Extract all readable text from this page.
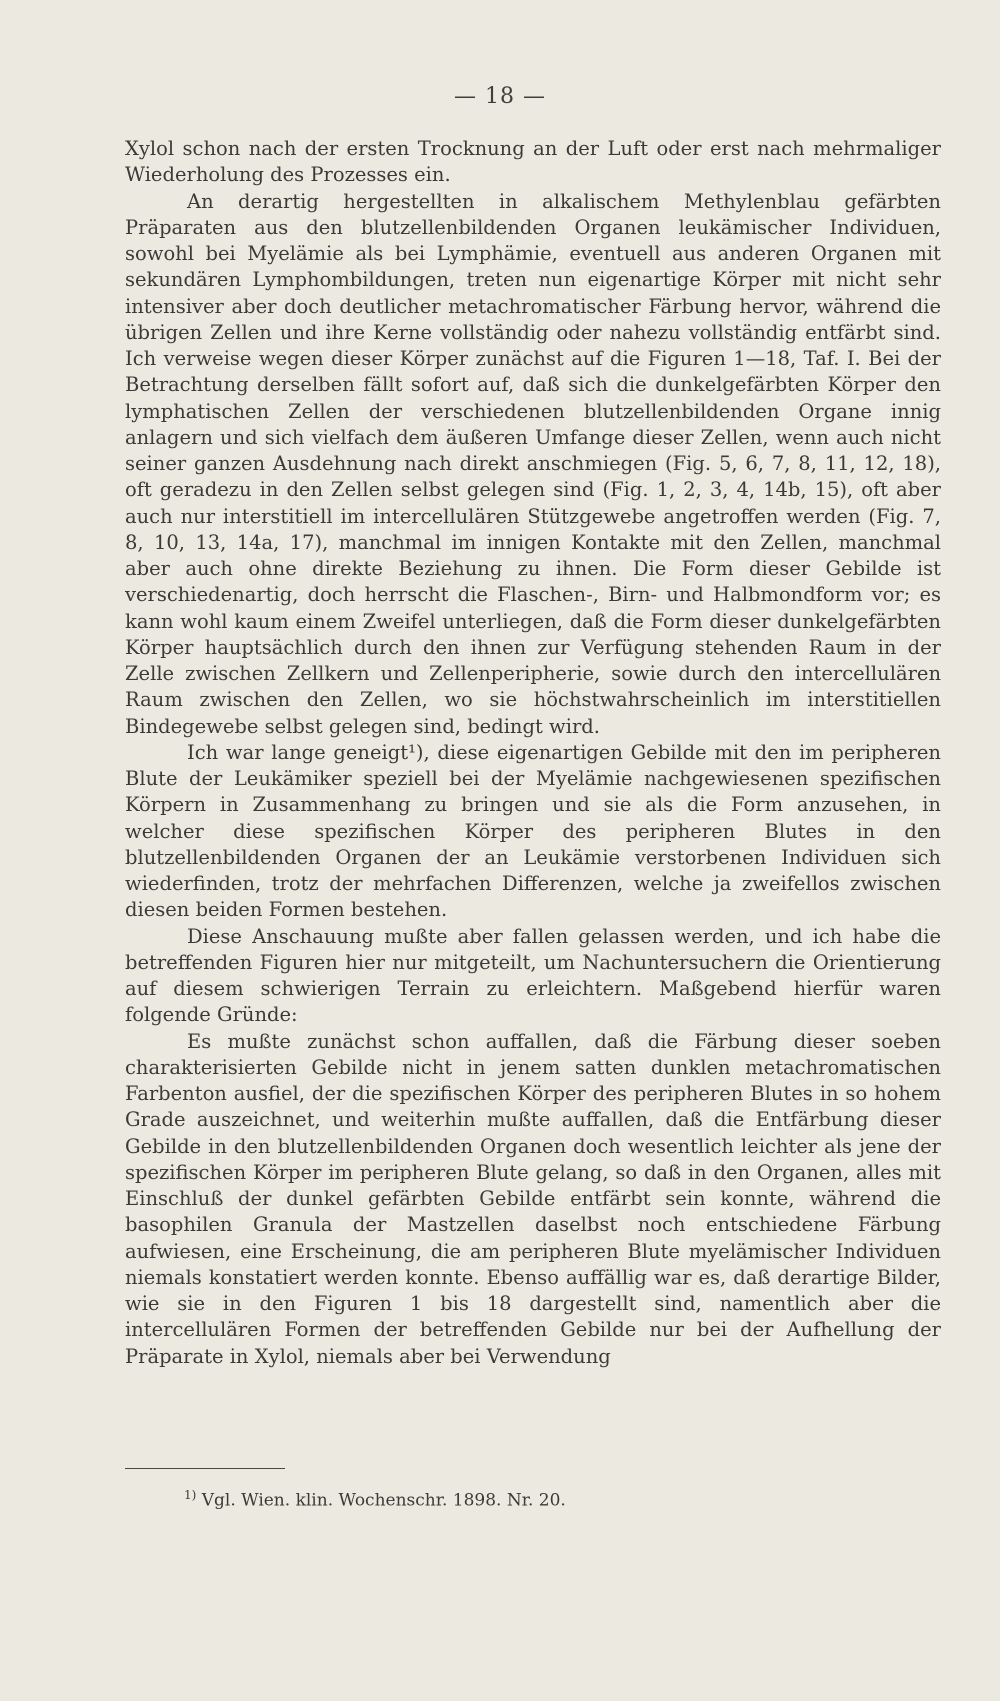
— 18 —

Xylol schon nach der ersten Trocknung an der Luft oder erst nach mehrmaliger Wiederholung des Prozesses ein.

An derartig hergestellten in alkalischem Methylenblau gefärbten Präparaten aus den blutzellenbildenden Organen leukämischer Individuen, sowohl bei Myelämie als bei Lymphämie, eventuell aus anderen Organen mit sekundären Lymphombildungen, treten nun eigenartige Körper mit nicht sehr intensiver aber doch deutlicher metachromatischer Färbung hervor, während die übrigen Zellen und ihre Kerne vollständig oder nahezu vollständig entfärbt sind. Ich verweise wegen dieser Körper zunächst auf die Figuren 1—18, Taf. I. Bei der Betrachtung derselben fällt sofort auf, daß sich die dunkelgefärbten Körper den lymphatischen Zellen der verschiedenen blutzellenbildenden Organe innig anlagern und sich vielfach dem äußeren Umfange dieser Zellen, wenn auch nicht seiner ganzen Ausdehnung nach direkt anschmiegen (Fig. 5, 6, 7, 8, 11, 12, 18), oft geradezu in den Zellen selbst gelegen sind (Fig. 1, 2, 3, 4, 14b, 15), oft aber auch nur interstitiell im intercellulären Stützgewebe angetroffen werden (Fig. 7, 8, 10, 13, 14a, 17), manchmal im innigen Kontakte mit den Zellen, manchmal aber auch ohne direkte Beziehung zu ihnen. Die Form dieser Gebilde ist verschiedenartig, doch herrscht die Flaschen-, Birn- und Halbmondform vor; es kann wohl kaum einem Zweifel unterliegen, daß die Form dieser dunkelgefärbten Körper hauptsächlich durch den ihnen zur Verfügung stehenden Raum in der Zelle zwischen Zellkern und Zellenperipherie, sowie durch den intercellulären Raum zwischen den Zellen, wo sie höchstwahrscheinlich im interstitiellen Bindegewebe selbst gelegen sind, bedingt wird.

Ich war lange geneigt¹), diese eigenartigen Gebilde mit den im peripheren Blute der Leukämiker speziell bei der Myelämie nachgewiesenen spezifischen Körpern in Zusammenhang zu bringen und sie als die Form anzusehen, in welcher diese spezifischen Körper des peripheren Blutes in den blutzellenbildenden Organen der an Leukämie verstorbenen Individuen sich wiederfinden, trotz der mehrfachen Differenzen, welche ja zweifellos zwischen diesen beiden Formen bestehen.

Diese Anschauung mußte aber fallen gelassen werden, und ich habe die betreffenden Figuren hier nur mitgeteilt, um Nachuntersuchern die Orientierung auf diesem schwierigen Terrain zu erleichtern. Maßgebend hierfür waren folgende Gründe:

Es mußte zunächst schon auffallen, daß die Färbung dieser soeben charakterisierten Gebilde nicht in jenem satten dunklen metachromatischen Farbenton ausfiel, der die spezifischen Körper des peripheren Blutes in so hohem Grade auszeichnet, und weiterhin mußte auffallen, daß die Entfärbung dieser Gebilde in den blutzellenbildenden Organen doch wesentlich leichter als jene der spezifischen Körper im peripheren Blute gelang, so daß in den Organen, alles mit Einschluß der dunkel gefärbten Gebilde entfärbt sein konnte, während die basophilen Granula der Mastzellen daselbst noch entschiedene Färbung aufwiesen, eine Erscheinung, die am peripheren Blute myelämischer Individuen niemals konstatiert werden konnte. Ebenso auffällig war es, daß derartige Bilder, wie sie in den Figuren 1 bis 18 dargestellt sind, namentlich aber die intercellulären Formen der betreffenden Gebilde nur bei der Aufhellung der Präparate in Xylol, niemals aber bei Verwendung

$^{1)}$ Vgl. Wien. klin. Wochenschr. 1898. Nr. 20.
